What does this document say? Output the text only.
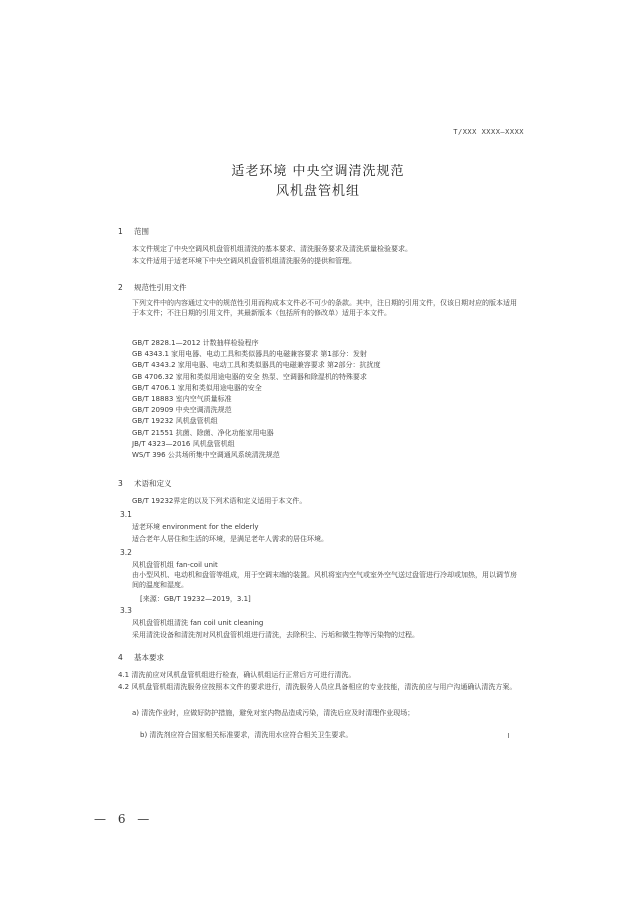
T/XXX XXXX—XXXX
适老环境 中央空调清洗规范
风机盘管机组
1 范围
本文件规定了中央空调风机盘管机组清洗的基本要求、清洗服务要求及清洗质量检验要求。
本文件适用于适老环境下中央空调风机盘管机组清洗服务的提供和管理。
2 规范性引用文件
下列文件中的内容通过文中的规范性引用而构成本文件必不可少的条款。其中，注日期的引用文件，仅该日期对应的版本适用于本文件；不注日期的引用文件，其最新版本（包括所有的修改单）适用于本文件。
GB/T 2828.1—2012 计数抽样检验程序
GB 4343.1 家用电器、电动工具和类似器具的电磁兼容要求 第1部分：发射
GB/T 4343.2 家用电器、电动工具和类似器具的电磁兼容要求 第2部分：抗扰度
GB 4706.32 家用和类似用途电器的安全 热泵、空调器和除湿机的特殊要求
GB/T 4706.1 家用和类似用途电器的安全
GB/T 18883 室内空气质量标准
GB/T 20909 中央空调清洗规范
GB/T 19232 风机盘管机组
GB/T 21551 抗菌、除菌、净化功能家用电器
JB/T 4323—2016 风机盘管机组
WS/T 396 公共场所集中空调通风系统清洗规范
3 术语和定义
GB/T 19232界定的以及下列术语和定义适用于本文件。
3.1
适老环境 environment for the elderly
适合老年人居住和生活的环境，是满足老年人需求的居住环境。
3.2
风机盘管机组 fan-coil unit
由小型风机、电动机和盘管等组成，用于空调末端的装置。风机将室内空气或室外空气送过盘管进行冷却或加热，用以调节房间的温度和湿度。
[来源：GB/T 19232—2019，3.1]
3.3
风机盘管机组清洗 fan coil unit cleaning
采用清洗设备和清洗剂对风机盘管机组进行清洗，去除积尘、污垢和微生物等污染物的过程。
4 基本要求
4.1 清洗前应对风机盘管机组进行检查，确认机组运行正常后方可进行清洗。
4.2 风机盘管机组清洗服务应按照本文件的要求进行，清洗服务人员应具备相应的专业技能，清洗前应与用户沟通确认清洗方案。
a) 清洗作业时，应做好防护措施，避免对室内物品造成污染，清洗后应及时清理作业现场；
b) 清洗剂应符合国家相关标准要求，清洗用水应符合相关卫生要求。
— 6 —
